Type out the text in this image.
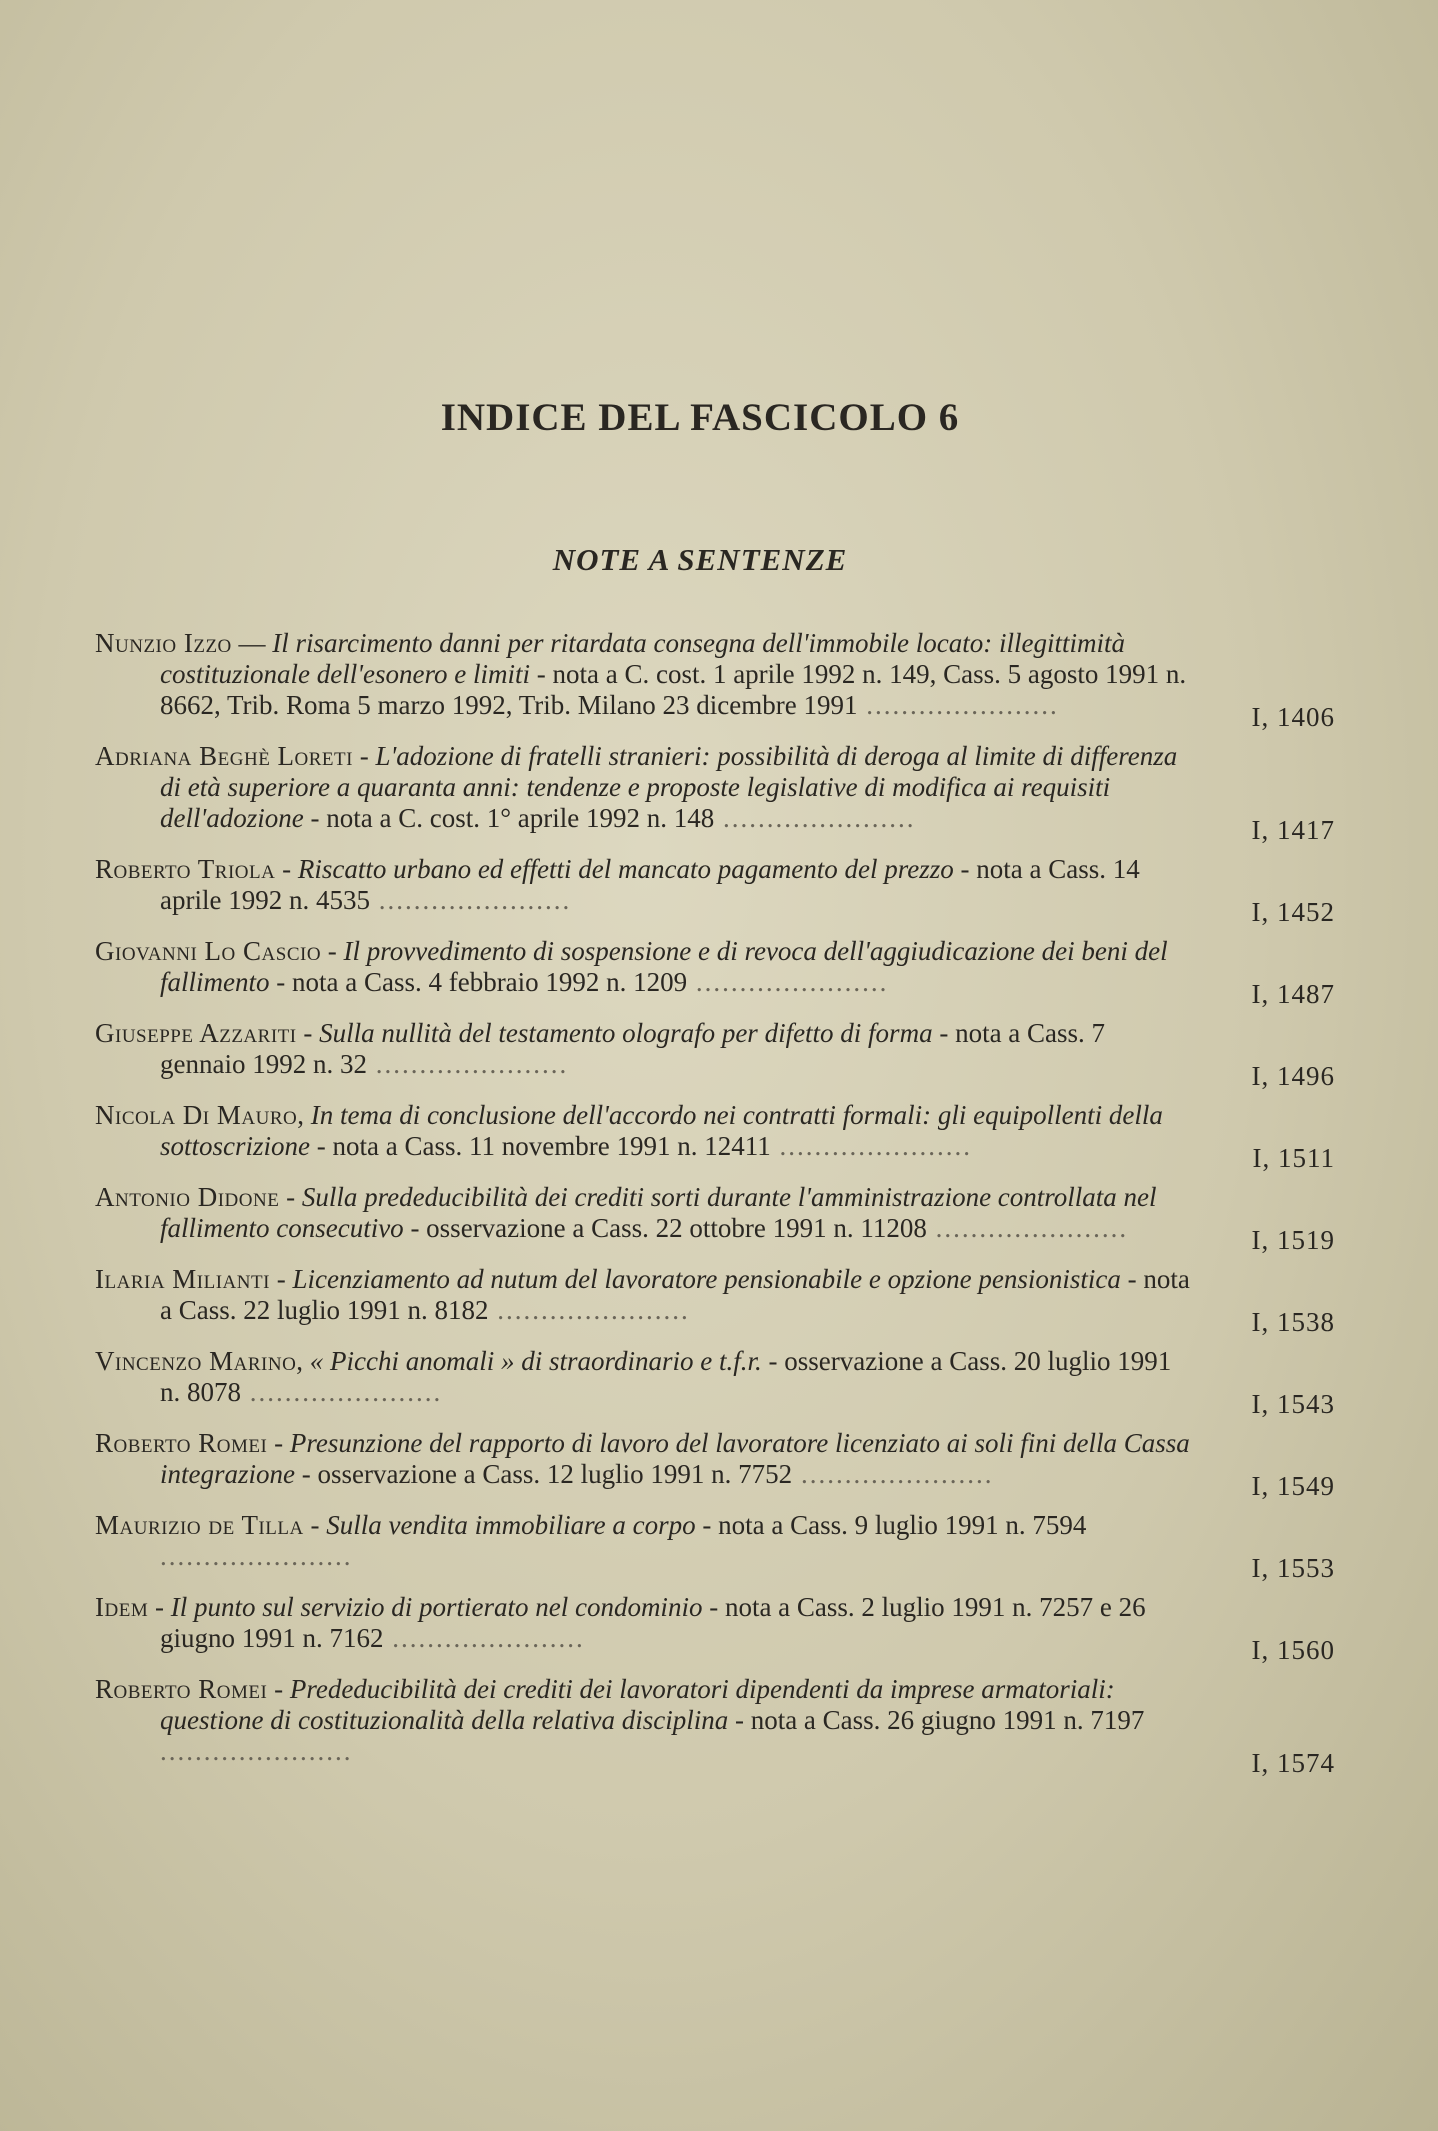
INDICE DEL FASCICOLO 6
NOTE A SENTENZE
Nunzio Izzo — Il risarcimento danni per ritardata consegna dell'immobile locato: illegittimità costituzionale dell'esonero e limiti - nota a C. cost. 1 aprile 1992 n. 149, Cass. 5 agosto 1991 n. 8662, Trib. Roma 5 marzo 1992, Trib. Milano 23 dicembre 1991 ......................	I, 1406
Adriana Beghè Loreti - L'adozione di fratelli stranieri: possibilità di deroga al limite di differenza di età superiore a quaranta anni: tendenze e proposte legislative di modifica ai requisiti dell'adozione - nota a C. cost. 1° aprile 1992 n. 148 ......................	I, 1417
Roberto Triola - Riscatto urbano ed effetti del mancato pagamento del prezzo - nota a Cass. 14 aprile 1992 n. 4535 ......................	I, 1452
Giovanni Lo Cascio - Il provvedimento di sospensione e di revoca dell'aggiudicazione dei beni del fallimento - nota a Cass. 4 febbraio 1992 n. 1209 ......................	I, 1487
Giuseppe Azzariti - Sulla nullità del testamento olografo per difetto di forma - nota a Cass. 7 gennaio 1992 n. 32 ......................	I, 1496
Nicola Di Mauro, In tema di conclusione dell'accordo nei contratti formali: gli equipollenti della sottoscrizione - nota a Cass. 11 novembre 1991 n. 12411 ......................	I, 1511
Antonio Didone - Sulla prededucibilità dei crediti sorti durante l'amministrazione controllata nel fallimento consecutivo - osservazione a Cass. 22 ottobre 1991 n. 11208 ......................	I, 1519
Ilaria Milianti - Licenziamento ad nutum del lavoratore pensionabile e opzione pensionistica - nota a Cass. 22 luglio 1991 n. 8182 ......................	I, 1538
Vincenzo Marino, « Picchi anomali » di straordinario e t.f.r. - osservazione a Cass. 20 luglio 1991 n. 8078 ......................	I, 1543
Roberto Romei - Presunzione del rapporto di lavoro del lavoratore licenziato ai soli fini della Cassa integrazione - osservazione a Cass. 12 luglio 1991 n. 7752 ......................	I, 1549
Maurizio de Tilla - Sulla vendita immobiliare a corpo - nota a Cass. 9 luglio 1991 n. 7594 ......................	I, 1553
Idem - Il punto sul servizio di portierato nel condominio - nota a Cass. 2 luglio 1991 n. 7257 e 26 giugno 1991 n. 7162 ......................	I, 1560
Roberto Romei - Prededucibilità dei crediti dei lavoratori dipendenti da imprese armatoriali: questione di costituzionalità della relativa disciplina - nota a Cass. 26 giugno 1991 n. 7197 ......................	I, 1574
